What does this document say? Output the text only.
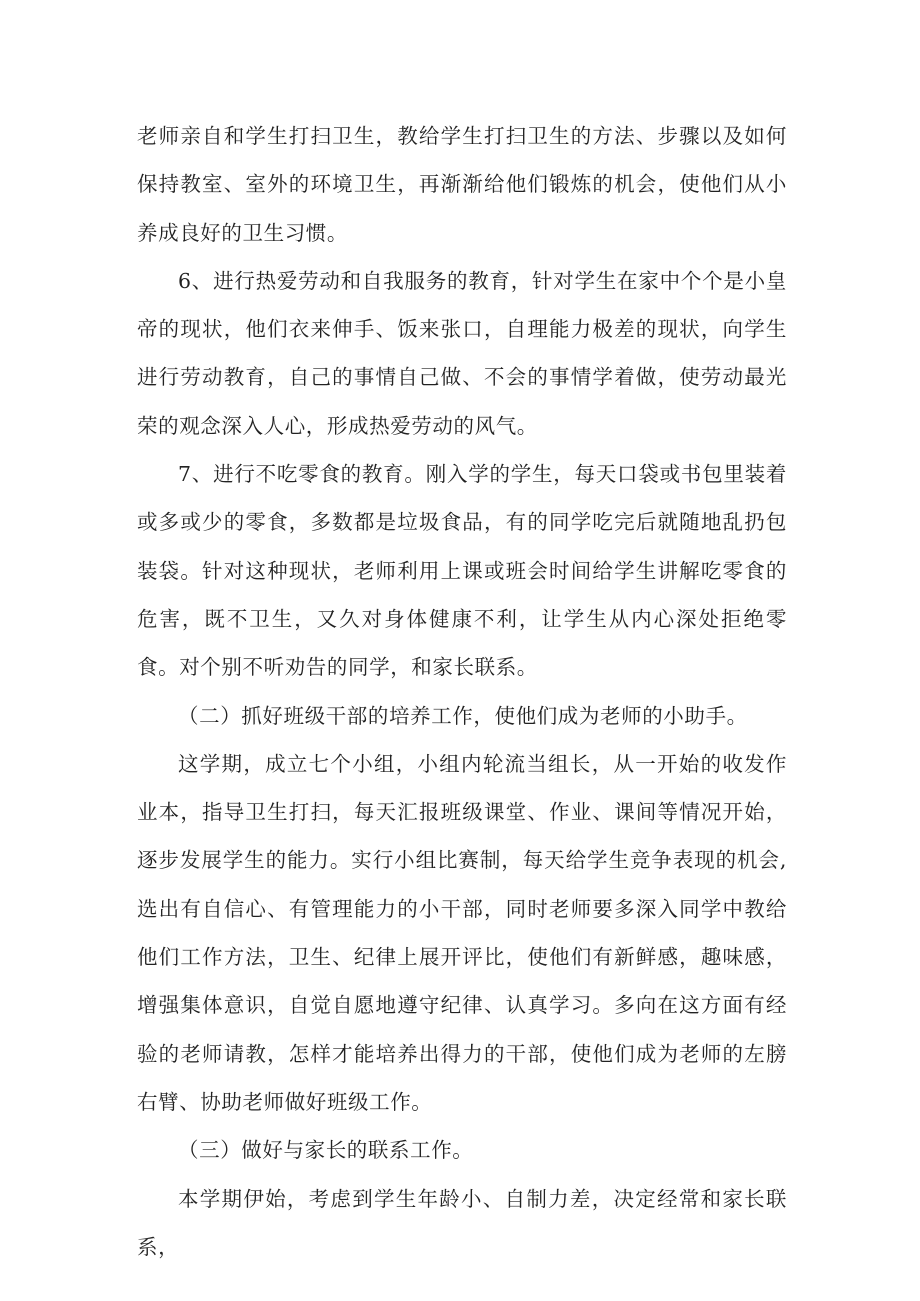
老师亲自和学生打扫卫生，教给学生打扫卫生的方法、步骤以及如何保持教室、室外的环境卫生，再渐渐给他们锻炼的机会，使他们从小养成良好的卫生习惯。

6、进行热爱劳动和自我服务的教育，针对学生在家中个个是小皇帝的现状，他们衣来伸手、饭来张口，自理能力极差的现状，向学生进行劳动教育，自己的事情自己做、不会的事情学着做，使劳动最光荣的观念深入人心，形成热爱劳动的风气。

7、进行不吃零食的教育。刚入学的学生，每天口袋或书包里装着或多或少的零食，多数都是垃圾食品，有的同学吃完后就随地乱扔包装袋。针对这种现状，老师利用上课或班会时间给学生讲解吃零食的危害，既不卫生，又久对身体健康不利，让学生从内心深处拒绝零食。对个别不听劝告的同学，和家长联系。

（二）抓好班级干部的培养工作，使他们成为老师的小助手。

这学期，成立七个小组，小组内轮流当组长，从一开始的收发作业本，指导卫生打扫，每天汇报班级课堂、作业、课间等情况开始，逐步发展学生的能力。实行小组比赛制，每天给学生竞争表现的机会,选出有自信心、有管理能力的小干部，同时老师要多深入同学中教给他们工作方法，卫生、纪律上展开评比，使他们有新鲜感，趣味感，增强集体意识，自觉自愿地遵守纪律、认真学习。多向在这方面有经验的老师请教，怎样才能培养出得力的干部，使他们成为老师的左膀右臂、协助老师做好班级工作。

（三）做好与家长的联系工作。

本学期伊始，考虑到学生年龄小、自制力差，决定经常和家长联系，
